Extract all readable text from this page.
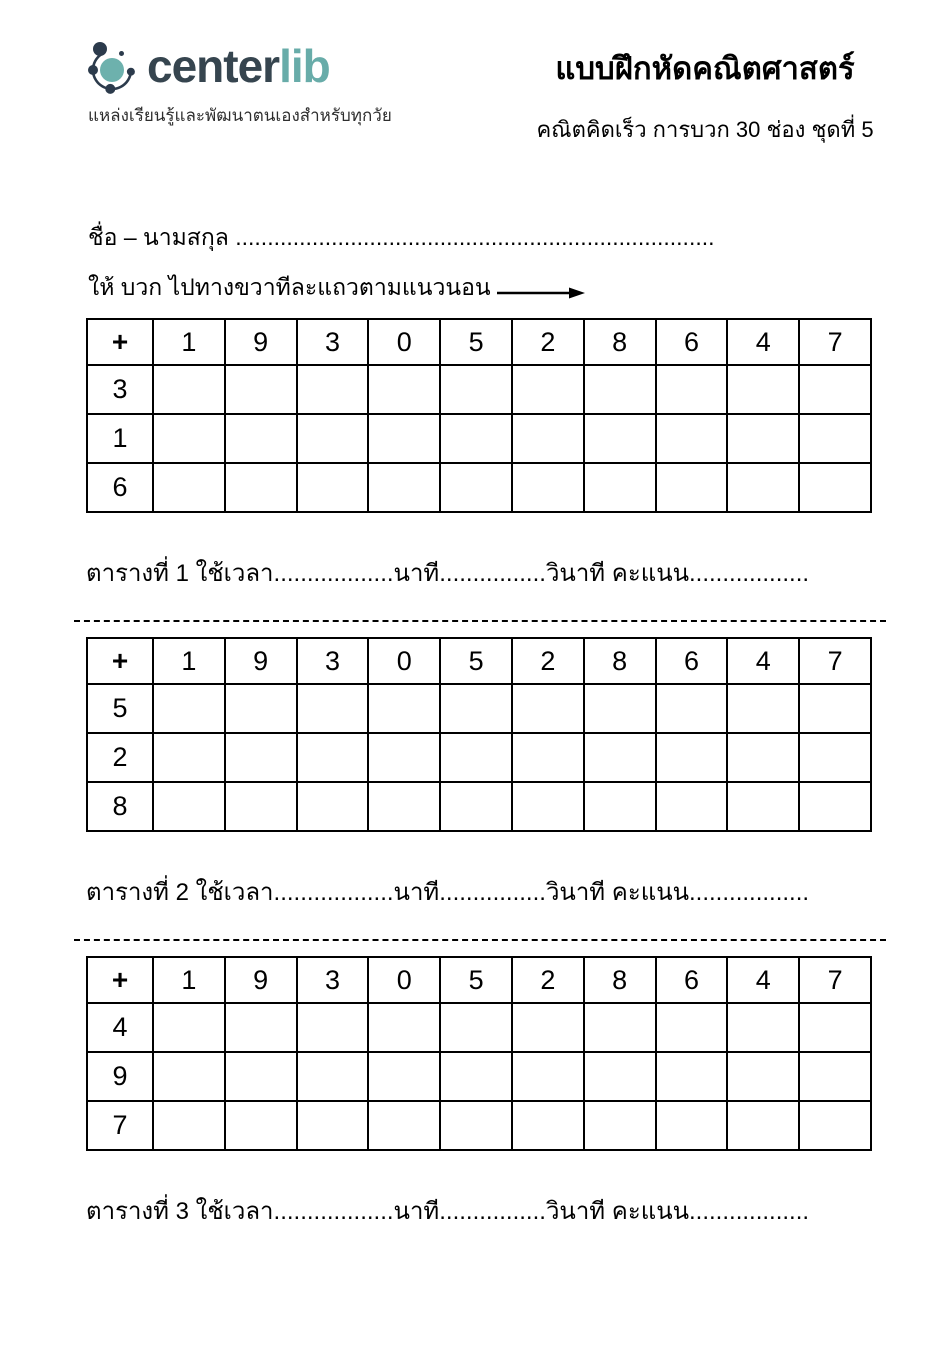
centerlib
แหล่งเรียนรู้และพัฒนาตนเองสำหรับทุกวัย
แบบฝึกหัดคณิตศาสตร์
คณิตคิดเร็ว การบวก 30 ช่อง ชุดที่ 5
ชื่อ – นามสกุล ...........................................................................
ให้ บวก ไปทางขวาทีละแถวตามแนวนอน
+	1	9	3	0	5	2	8	6	4	7
3										
1										
6										
ตารางที่ 1 ใช้เวลา..................นาที................วินาที คะแนน..................
+	1	9	3	0	5	2	8	6	4	7
5										
2										
8										
ตารางที่ 2 ใช้เวลา..................นาที................วินาที คะแนน..................
+	1	9	3	0	5	2	8	6	4	7
4										
9										
7										
ตารางที่ 3 ใช้เวลา..................นาที................วินาที คะแนน..................
